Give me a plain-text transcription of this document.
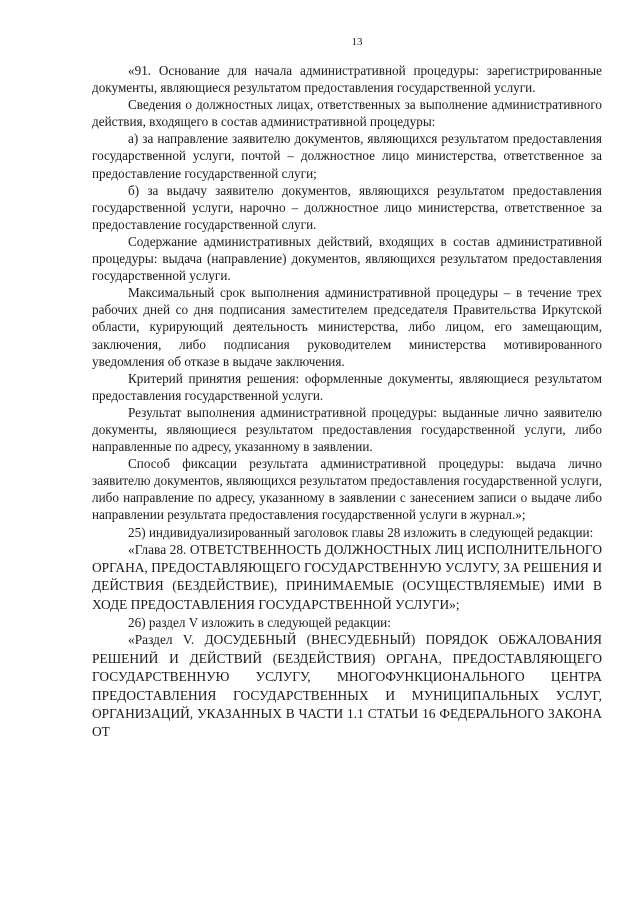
13

«91. Основание для начала административной процедуры: зарегистрированные документы, являющиеся результатом предоставления государственной услуги.

Сведения о должностных лицах, ответственных за выполнение административного действия, входящего в состав административной процедуры:

а) за направление заявителю документов, являющихся результатом предоставления государственной услуги, почтой – должностное лицо министерства, ответственное за предоставление государственной слуги;

б) за выдачу заявителю документов, являющихся результатом предоставления государственной услуги, нарочно – должностное лицо министерства, ответственное за предоставление государственной слуги.

Содержание административных действий, входящих в состав административной процедуры: выдача (направление) документов, являющихся результатом предоставления государственной услуги.

Максимальный срок выполнения административной процедуры – в течение трех рабочих дней со дня подписания заместителем председателя Правительства Иркутской области, курирующий деятельность министерства, либо лицом, его замещающим, заключения, либо подписания руководителем министерства мотивированного уведомления об отказе в выдаче заключения.

Критерий принятия решения: оформленные документы, являющиеся результатом предоставления государственной услуги.

Результат выполнения административной процедуры: выданные лично заявителю документы, являющиеся результатом предоставления государственной услуги, либо направленные по адресу, указанному в заявлении.

Способ фиксации результата административной процедуры: выдача лично заявителю документов, являющихся результатом предоставления государственной услуги, либо направление по адресу, указанному в заявлении с занесением записи о выдаче либо направлении результата предоставления государственной услуги в журнал.»;

25) индивидуализированный заголовок главы 28 изложить в следующей редакции:

«Глава 28. ОТВЕТСТВЕННОСТЬ ДОЛЖНОСТНЫХ ЛИЦ ИСПОЛНИТЕЛЬНОГО ОРГАНА, ПРЕДОСТАВЛЯЮЩЕГО ГОСУДАРСТВЕННУЮ УСЛУГУ, ЗА РЕШЕНИЯ И ДЕЙСТВИЯ (БЕЗДЕЙСТВИЕ), ПРИНИМАЕМЫЕ (ОСУЩЕСТВЛЯЕМЫЕ) ИМИ В ХОДЕ ПРЕДОСТАВЛЕНИЯ ГОСУДАРСТВЕННОЙ УСЛУГИ»;

26) раздел V изложить в следующей редакции:

«Раздел V. ДОСУДЕБНЫЙ (ВНЕСУДЕБНЫЙ) ПОРЯДОК ОБЖАЛОВАНИЯ РЕШЕНИЙ И ДЕЙСТВИЙ (БЕЗДЕЙСТВИЯ) ОРГАНА, ПРЕДОСТАВЛЯЮЩЕГО ГОСУДАРСТВЕННУЮ УСЛУГУ, МНОГОФУНКЦИОНАЛЬНОГО ЦЕНТРА ПРЕДОСТАВЛЕНИЯ ГОСУДАРСТВЕННЫХ И МУНИЦИПАЛЬНЫХ УСЛУГ, ОРГАНИЗАЦИЙ, УКАЗАННЫХ В ЧАСТИ 1.1 СТАТЬИ 16 ФЕДЕРАЛЬНОГО ЗАКОНА ОТ
